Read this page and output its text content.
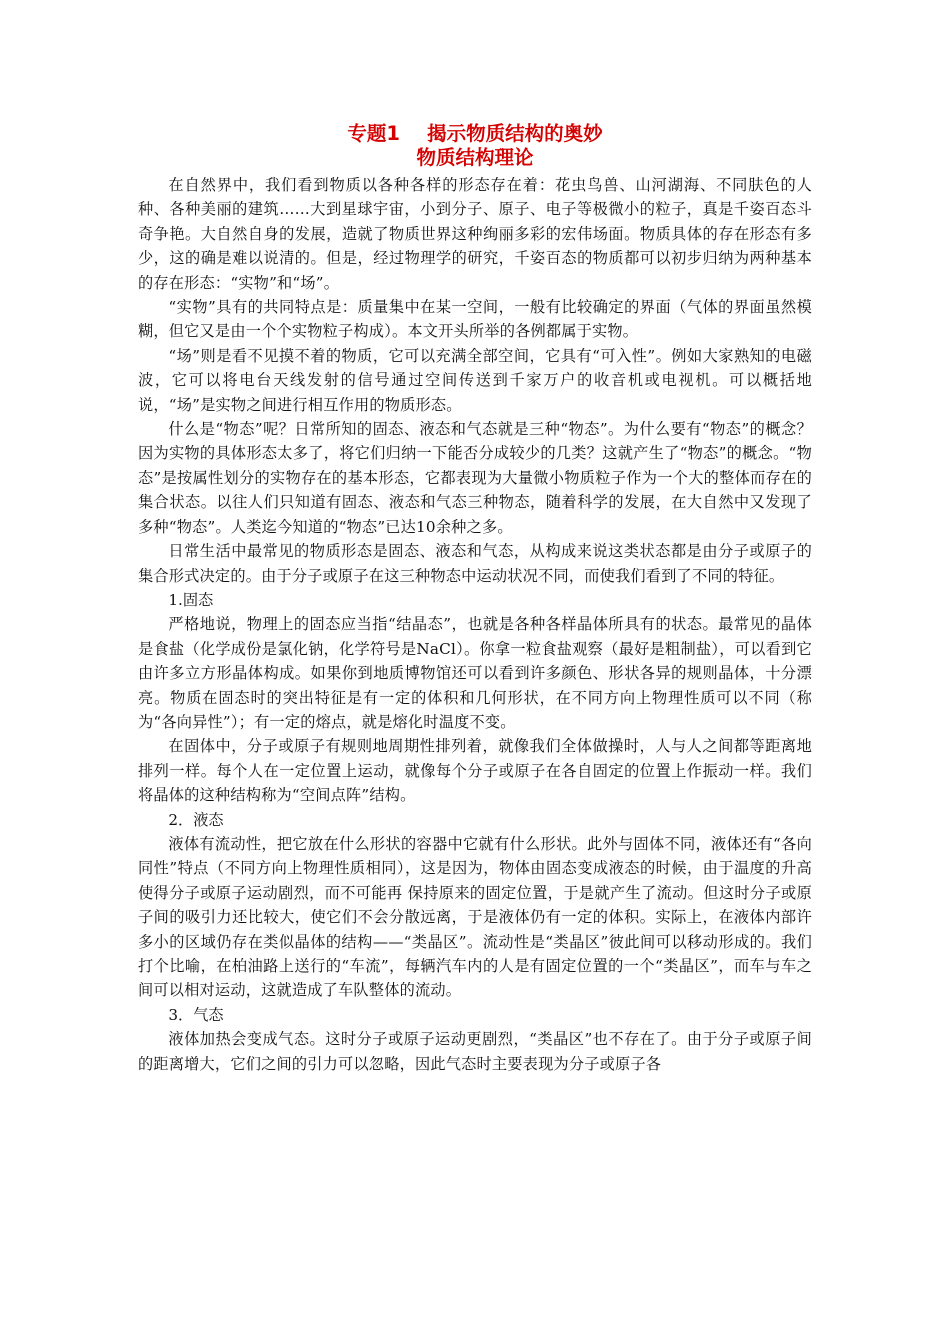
专题1    揭示物质结构的奥妙
物质结构理论

在自然界中，我们看到物质以各种各样的形态存在着：花虫鸟兽、山河湖海、不同肤色的人种、各种美丽的建筑……大到星球宇宙，小到分子、原子、电子等极微小的粒子，真是千姿百态斗奇争艳。大自然自身的发展，造就了物质世界这种绚丽多彩的宏伟场面。物质具体的存在形态有多少，这的确是难以说清的。但是，经过物理学的研究，千姿百态的物质都可以初步归纳为两种基本的存在形态：“实物”和“场”。

“实物”具有的共同特点是：质量集中在某一空间，一般有比较确定的界面（气体的界面虽然模糊，但它又是由一个个实物粒子构成）。本文开头所举的各例都属于实物。

“场”则是看不见摸不着的物质，它可以充满全部空间，它具有“可入性”。例如大家熟知的电磁波，它可以将电台天线发射的信号通过空间传送到千家万户的收音机或电视机。可以概括地说，“场”是实物之间进行相互作用的物质形态。

什么是“物态”呢？日常所知的固态、液态和气态就是三种“物态”。为什么要有“物态”的概念？因为实物的具体形态太多了，将它们归纳一下能否分成较少的几类？这就产生了“物态”的概念。“物态”是按属性划分的实物存在的基本形态，它都表现为大量微小物质粒子作为一个大的整体而存在的集合状态。以往人们只知道有固态、液态和气态三种物态，随着科学的发展，在大自然中又发现了多种“物态”。人类迄今知道的“物态”已达10余种之多。

日常生活中最常见的物质形态是固态、液态和气态，从构成来说这类状态都是由分子或原子的集合形式决定的。由于分子或原子在这三种物态中运动状况不同，而使我们看到了不同的特征。

1.固态

严格地说，物理上的固态应当指“结晶态”，也就是各种各样晶体所具有的状态。最常见的晶体是食盐（化学成份是氯化钠，化学符号是NaCl）。你拿一粒食盐观察（最好是粗制盐），可以看到它由许多立方形晶体构成。如果你到地质博物馆还可以看到许多颜色、形状各异的规则晶体，十分漂亮。物质在固态时的突出特征是有一定的体积和几何形状，在不同方向上物理性质可以不同（称为“各向异性”）；有一定的熔点，就是熔化时温度不变。

在固体中，分子或原子有规则地周期性排列着，就像我们全体做操时，人与人之间都等距离地排列一样。每个人在一定位置上运动，就像每个分子或原子在各自固定的位置上作振动一样。我们将晶体的这种结构称为“空间点阵”结构。

2．液态

液体有流动性，把它放在什么形状的容器中它就有什么形状。此外与固体不同，液体还有“各向同性”特点（不同方向上物理性质相同），这是因为，物体由固态变成液态的时候，由于温度的升高使得分子或原子运动剧烈，而不可能再 保持原来的固定位置，于是就产生了流动。但这时分子或原子间的吸引力还比较大，使它们不会分散远离，于是液体仍有一定的体积。实际上，在液体内部许多小的区域仍存在类似晶体的结构——“类晶区”。流动性是“类晶区”彼此间可以移动形成的。我们打个比喻，在柏油路上送行的“车流”，每辆汽车内的人是有固定位置的一个“类晶区”，而车与车之间可以相对运动，这就造成了车队整体的流动。

3．气态

液体加热会变成气态。这时分子或原子运动更剧烈，“类晶区”也不存在了。由于分子或原子间的距离增大，它们之间的引力可以忽略，因此气态时主要表现为分子或原子各
